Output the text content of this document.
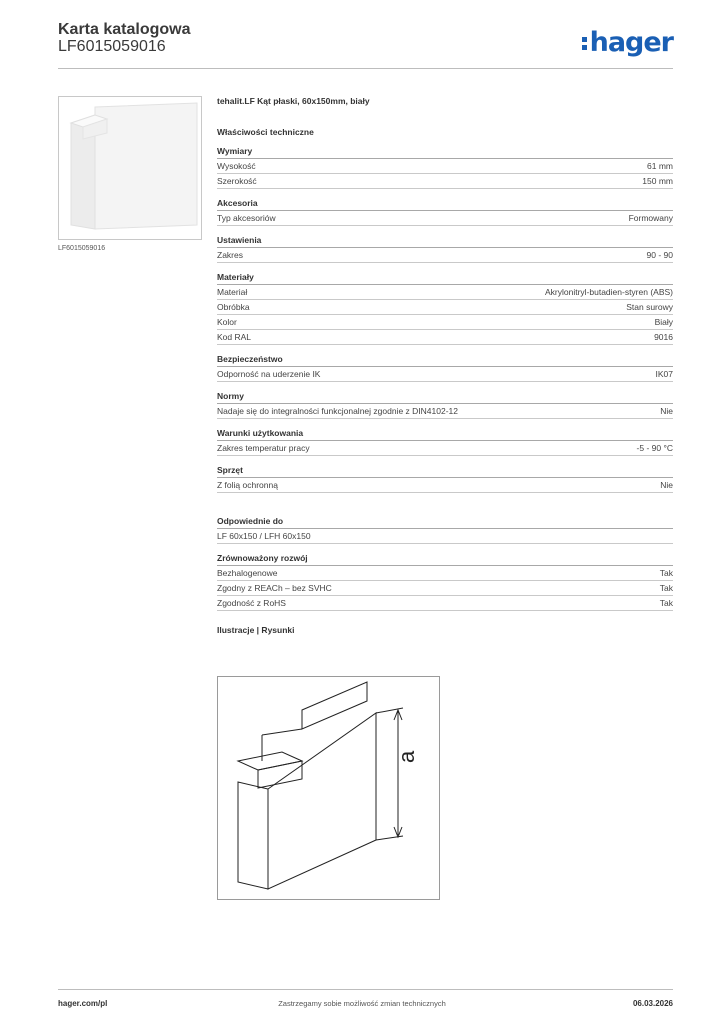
Karta katalogowa
LF6015059016	hager
LF6015059016
tehalit.LF Kąt płaski, 60x150mm, biały
Właściwości techniczne
Wymiary
Wysokość	61 mm
Szerokość	150 mm
Akcesoria
Typ akcesoriów	Formowany
Ustawienia
Zakres	90 - 90
Materiały
Materiał	Akrylonitryl-butadien-styren (ABS)
Obróbka	Stan surowy
Kolor	Biały
Kod RAL	9016
Bezpieczeństwo
Odporność na uderzenie IK	IK07
Normy
Nadaje się do integralności funkcjonalnej zgodnie z DIN4102-12	Nie
Warunki użytkowania
Zakres temperatur pracy	-5 - 90 °C
Sprzęt
Z folią ochronną	Nie
Odpowiednie do
LF 60x150 / LFH 60x150
Zrównoważony rozwój
Bezhalogenowe	Tak
Zgodny z REACh – bez SVHC	Tak
Zgodność z RoHS	Tak
Ilustracje | Rysunki
a
hager.com/pl	Zastrzegamy sobie możliwość zmian technicznych	06.03.2026
